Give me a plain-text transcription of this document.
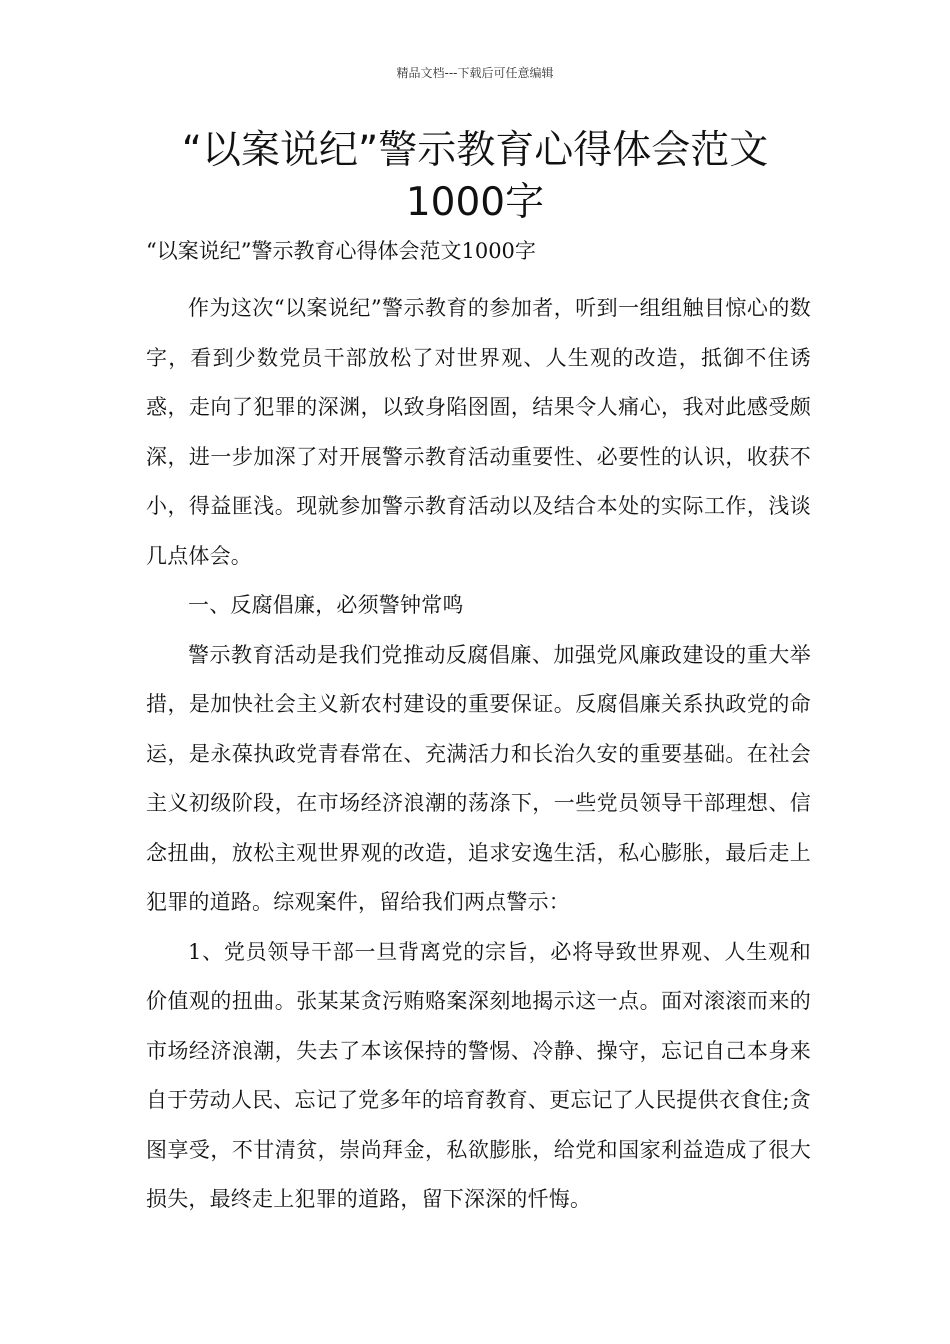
精品文档---下载后可任意编辑
“以案说纪”警示教育心得体会范文
1000字
“以案说纪”警示教育心得体会范文1000字

作为这次“以案说纪”警示教育的参加者，听到一组组触目惊心的数字，看到少数党员干部放松了对世界观、人生观的改造，抵御不住诱惑，走向了犯罪的深渊，以致身陷囹圄，结果令人痛心，我对此感受颇深，进一步加深了对开展警示教育活动重要性、必要性的认识，收获不小，得益匪浅。现就参加警示教育活动以及结合本处的实际工作，浅谈几点体会。

一、反腐倡廉，必须警钟常鸣

警示教育活动是我们党推动反腐倡廉、加强党风廉政建设的重大举措，是加快社会主义新农村建设的重要保证。反腐倡廉关系执政党的命运，是永葆执政党青春常在、充满活力和长治久安的重要基础。在社会主义初级阶段，在市场经济浪潮的荡涤下，一些党员领导干部理想、信念扭曲，放松主观世界观的改造，追求安逸生活，私心膨胀，最后走上犯罪的道路。综观案件，留给我们两点警示：

1、党员领导干部一旦背离党的宗旨，必将导致世界观、人生观和价值观的扭曲。张某某贪污贿赂案深刻地揭示这一点。面对滚滚而来的市场经济浪潮，失去了本该保持的警惕、冷静、操守，忘记自己本身来自于劳动人民、忘记了党多年的培育教育、更忘记了人民提供衣食住;贪图享受，不甘清贫，崇尚拜金，私欲膨胀，给党和国家利益造成了很大损失，最终走上犯罪的道路，留下深深的忏悔。
